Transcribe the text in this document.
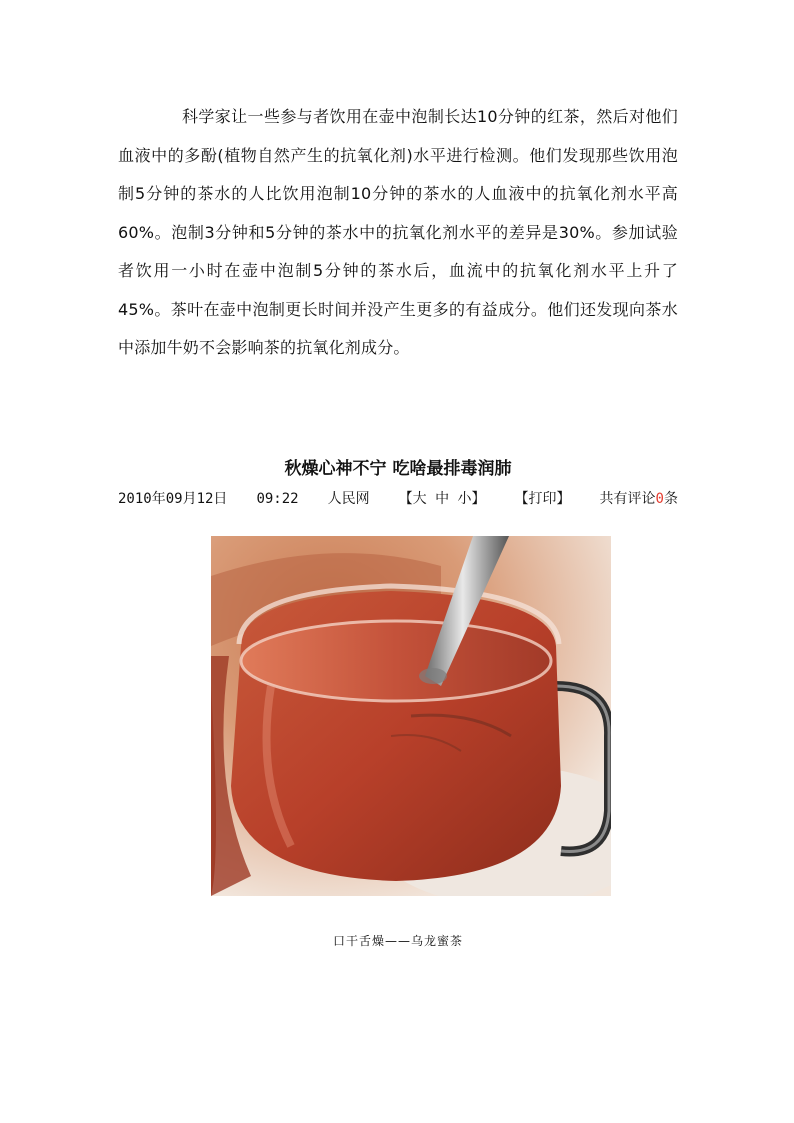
科学家让一些参与者饮用在壶中泡制长达10分钟的红茶，然后对他们血液中的多酚(植物自然产生的抗氧化剂)水平进行检测。他们发现那些饮用泡制5分钟的茶水的人比饮用泡制10分钟的茶水的人血液中的抗氧化剂水平高60%。泡制3分钟和5分钟的茶水中的抗氧化剂水平的差异是30%。参加试验者饮用一小时在壶中泡制5分钟的茶水后，血流中的抗氧化剂水平上升了45%。茶叶在壶中泡制更长时间并没产生更多的有益成分。他们还发现向茶水中添加牛奶不会影响茶的抗氧化剂成分。

秋燥心神不宁 吃啥最排毒润肺
2010年09月12日 09:22 人民网 【大 中 小】 【打印】 共有评论0条
口干舌燥——乌龙蜜茶
